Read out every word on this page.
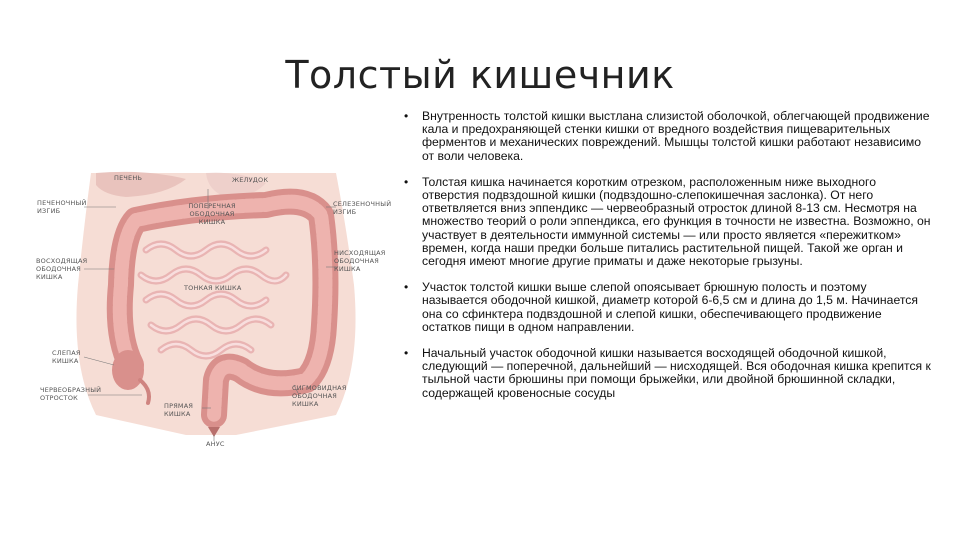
Толстый кишечник
ПЕЧЕНЬ	ЖЕЛУДОК
ПЕЧЕНОЧНЫЙ ИЗГИБ
ПОПЕРЕЧНАЯ ОБОДОЧНАЯ КИШКА
СЕЛЕЗЕНОЧНЫЙ ИЗГИБ
ВОСХОДЯЩАЯ ОБОДОЧНАЯ КИШКА
ТОНКАЯ КИШКА
НИСХОДЯЩАЯ ОБОДОЧНАЯ КИШКА
СЛЕПАЯ КИШКА
ЧЕРВЕОБРАЗНЫЙ ОТРОСТОК
ПРЯМАЯ КИШКА
СИГМОВИДНАЯ ОБОДОЧНАЯ КИШКА
АНУС
• Внутренность толстой кишки выстлана слизистой оболочкой, облегчающей продвижение кала и предохраняющей стенки кишки от вредного воздействия пищеварительных ферментов и механических повреждений. Мышцы толстой кишки работают независимо от воли человека.
• Толстая кишка начинается коротким отрезком, расположенным ниже выходного отверстия подвздошной кишки (подвздошно-слепокишечная заслонка). От него ответвляется вниз эппендикс — червеобразный отросток длиной 8-13 см. Несмотря на множество теорий о роли эппендикса, его функция в точности не известна. Возможно, он участвует в деятельности иммунной системы — или просто является «пережитком» времен, когда наши предки больше питались растительной пищей. Такой же орган и сегодня имеют многие другие приматы и даже некоторые грызуны.
• Участок толстой кишки выше слепой опоясывает брюшную полость и поэтому называется ободочной кишкой, диаметр которой 6-6,5 см и длина до 1,5 м. Начинается она со сфинктера подвздошной и слепой кишки, обеспечивающего продвижение остатков пищи в одном направлении.
• Начальный участок ободочной кишки называется восходящей ободочной кишкой, следующий — поперечной, дальнейший — нисходящей. Вся ободочная кишка крепится к тыльной части брюшины при помощи брыжейки, или двойной брюшинной складки, содержащей кровеносные сосуды
